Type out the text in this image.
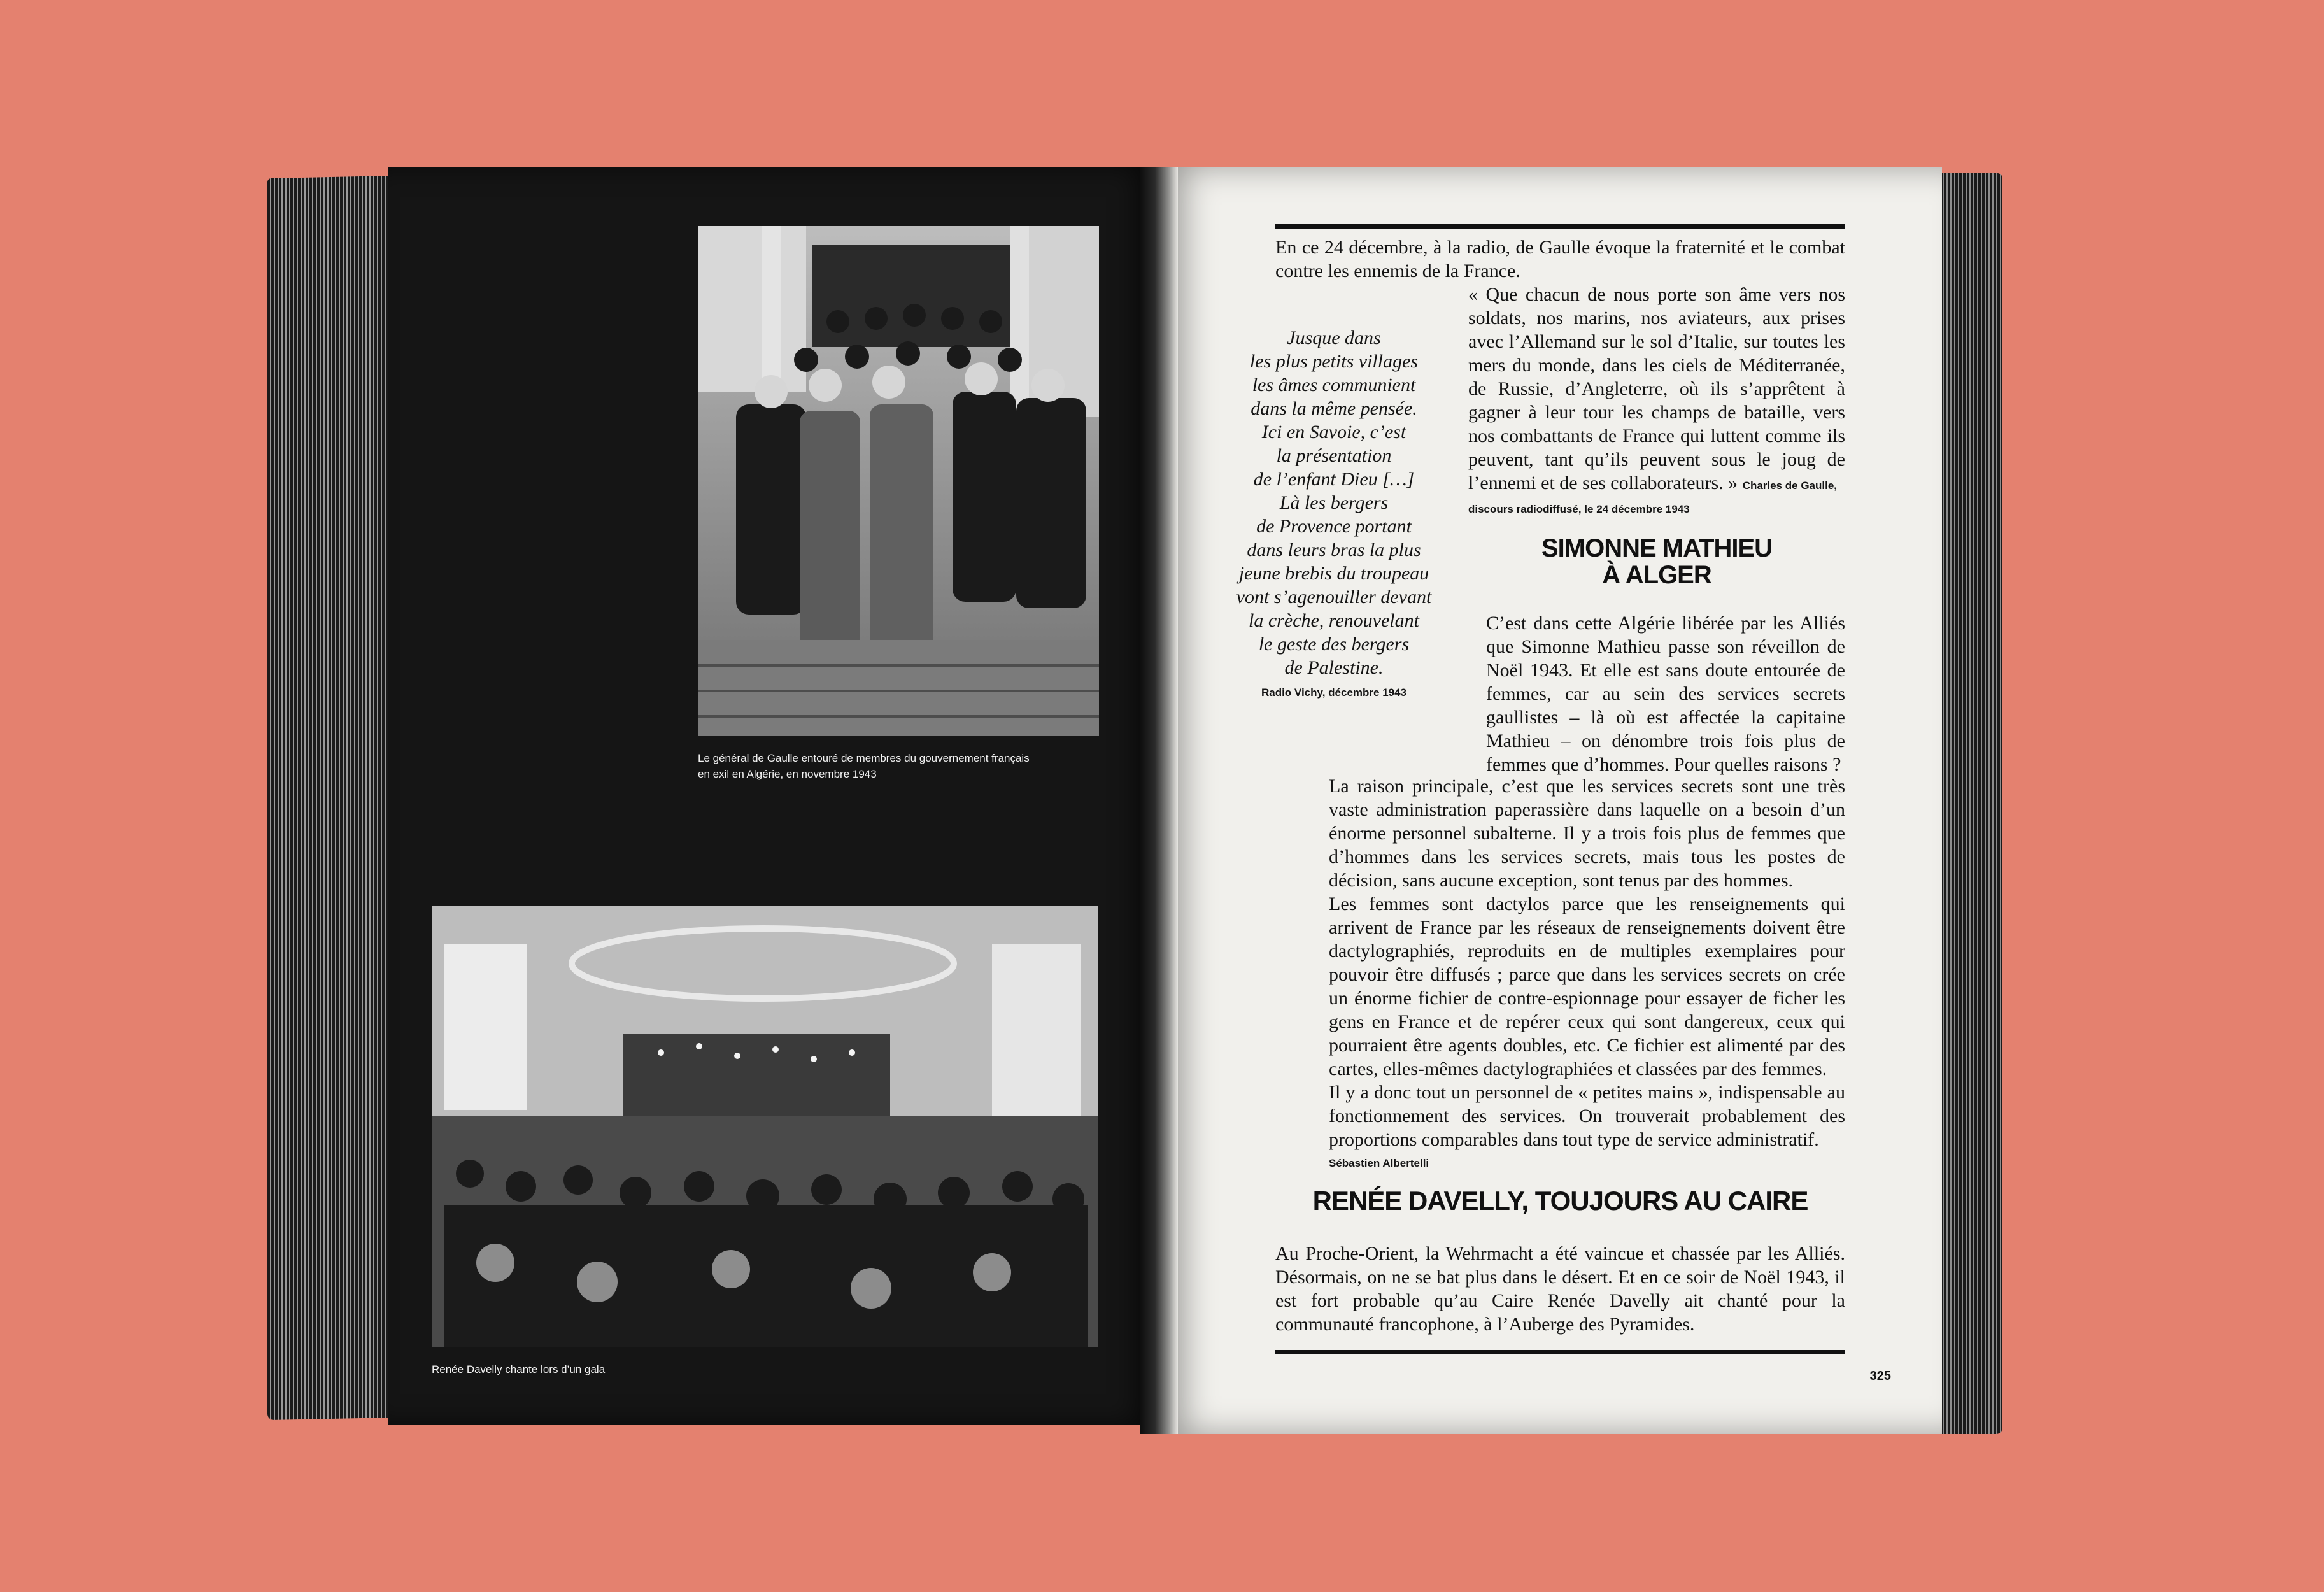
Le général de Gaulle entouré de membres du gouvernement français
en exil en Algérie, en novembre 1943
Renée Davelly chante lors d’un gala
En ce 24 décembre, à la radio, de Gaulle évoque la fraternité et le combat contre les ennemis de la France.
« Que chacun de nous porte son âme vers nos soldats, nos marins, nos aviateurs, aux prises avec l’Allemand sur le sol d’Italie, sur toutes les mers du monde, dans les ciels de Méditerranée, de Russie, d’Angleterre, où ils s’apprêtent à gagner à leur tour les champs de bataille, vers nos combattants de France qui luttent comme ils peuvent, tant qu’ils peuvent sous le joug de l’ennemi et de ses collaborateurs. » Charles de Gaulle,
discours radiodiffusé, le 24 décembre 1943
Jusque dans
les plus petits villages
les âmes communient
dans la même pensée.
Ici en Savoie, c’est
la présentation
de l’enfant Dieu […]
Là les bergers
de Provence portant
dans leurs bras la plus
jeune brebis du troupeau
vont s’agenouiller devant
la crèche, renouvelant
le geste des bergers
de Palestine.
Radio Vichy, décembre 1943
SIMONNE MATHIEU
À ALGER
C’est dans cette Algérie libérée par les Alliés que Simonne Mathieu passe son réveillon de Noël 1943. Et elle est sans doute entourée de femmes, car au sein des services secrets gaullistes – là où est affectée la capitaine Mathieu – on dénombre trois fois plus de femmes que d’hommes. Pour quelles raisons ?

La raison principale, c’est que les services secrets sont une très vaste administration paperassière dans laquelle on a besoin d’un énorme personnel subalterne. Il y a trois fois plus de femmes que d’hommes dans les services secrets, mais tous les postes de décision, sans aucune exception, sont tenus par des hommes.

Les femmes sont dactylos parce que les renseignements qui arrivent de France par les réseaux de renseignements doivent être dactylographiés, reproduits en de multiples exemplaires pour pouvoir être diffusés ; parce que dans les services secrets on crée un énorme fichier de contre-espionnage pour essayer de ficher les gens en France et de repérer ceux qui sont dangereux, ceux qui pourraient être agents doubles, etc. Ce fichier est alimenté par des cartes, elles-mêmes dactylographiées et classées par des femmes.

Il y a donc tout un personnel de « petites mains », indispensable au fonctionnement des services. On trouverait probablement des proportions comparables dans tout type de service administratif.

Sébastien Albertelli
RENÉE DAVELLY, TOUJOURS AU CAIRE
Au Proche-Orient, la Wehrmacht a été vaincue et chassée par les Alliés. Désormais, on ne se bat plus dans le désert. Et en ce soir de Noël 1943, il est fort probable qu’au Caire Renée Davelly ait chanté pour la communauté francophone, à l’Auberge des Pyramides.
325
